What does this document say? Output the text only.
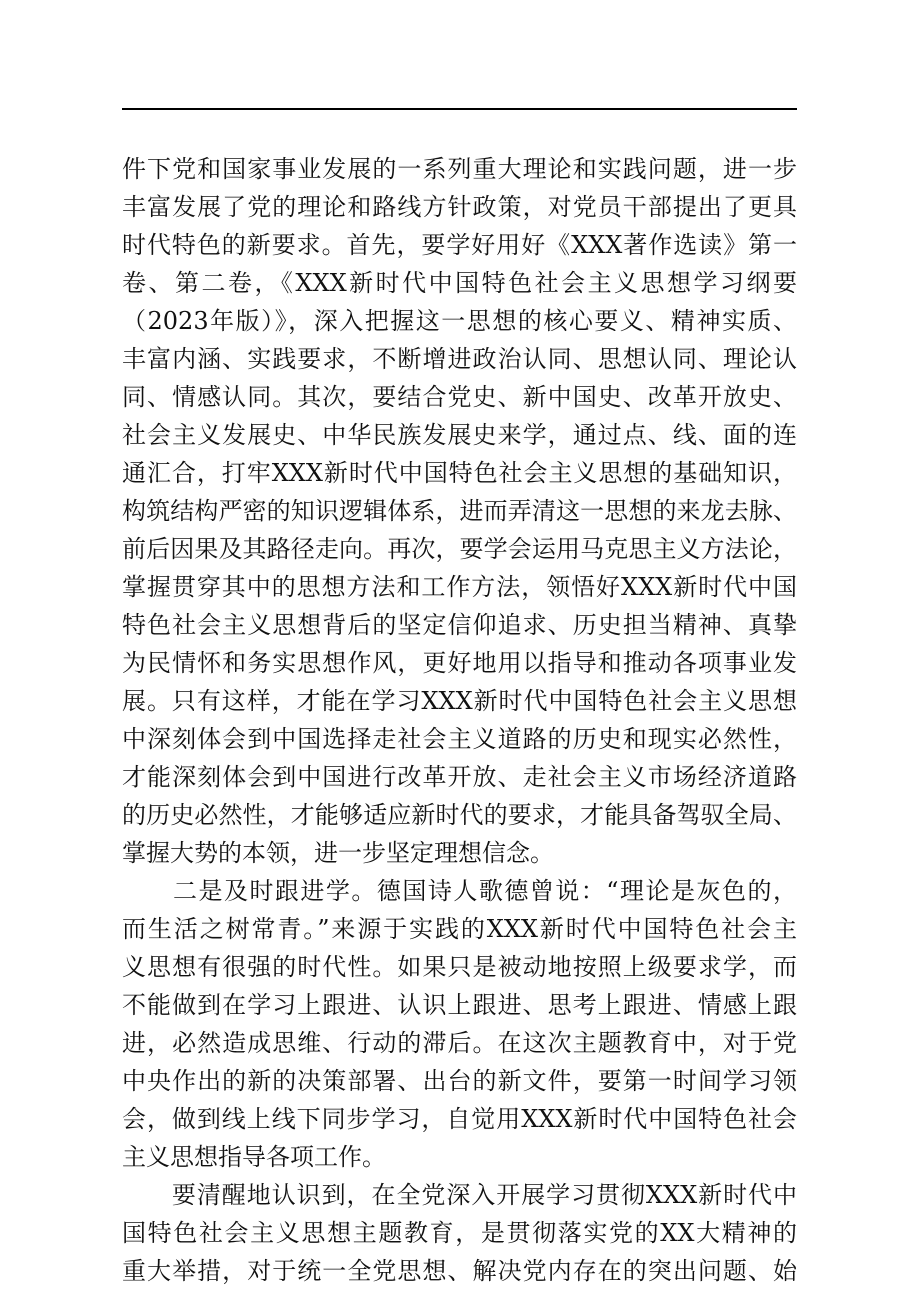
件下党和国家事业发展的一系列重大理论和实践问题，进一步
丰富发展了党的理论和路线方针政策，对党员干部提出了更具
时代特色的新要求。首先，要学好用好《XXX著作选读》第一
卷、第二卷，《XXX新时代中国特色社会主义思想学习纲要
（2023年版）》，深入把握这一思想的核心要义、精神实质、
丰富内涵、实践要求，不断增进政治认同、思想认同、理论认
同、情感认同。其次，要结合党史、新中国史、改革开放史、
社会主义发展史、中华民族发展史来学，通过点、线、面的连
通汇合，打牢XXX新时代中国特色社会主义思想的基础知识，
构筑结构严密的知识逻辑体系，进而弄清这一思想的来龙去脉、
前后因果及其路径走向。再次，要学会运用马克思主义方法论，
掌握贯穿其中的思想方法和工作方法，领悟好XXX新时代中国
特色社会主义思想背后的坚定信仰追求、历史担当精神、真挚
为民情怀和务实思想作风，更好地用以指导和推动各项事业发
展。只有这样，才能在学习XXX新时代中国特色社会主义思想
中深刻体会到中国选择走社会主义道路的历史和现实必然性，
才能深刻体会到中国进行改革开放、走社会主义市场经济道路
的历史必然性，才能够适应新时代的要求，才能具备驾驭全局、
掌握大势的本领，进一步坚定理想信念。
　　二是及时跟进学。德国诗人歌德曾说：“理论是灰色的，
而生活之树常青。”来源于实践的XXX新时代中国特色社会主
义思想有很强的时代性。如果只是被动地按照上级要求学，而
不能做到在学习上跟进、认识上跟进、思考上跟进、情感上跟
进，必然造成思维、行动的滞后。在这次主题教育中，对于党
中央作出的新的决策部署、出台的新文件，要第一时间学习领
会，做到线上线下同步学习，自觉用XXX新时代中国特色社会
主义思想指导各项工作。
　　要清醒地认识到，在全党深入开展学习贯彻XXX新时代中
国特色社会主义思想主题教育，是贯彻落实党的XX大精神的
重大举措，对于统一全党思想、解决党内存在的突出问题、始
